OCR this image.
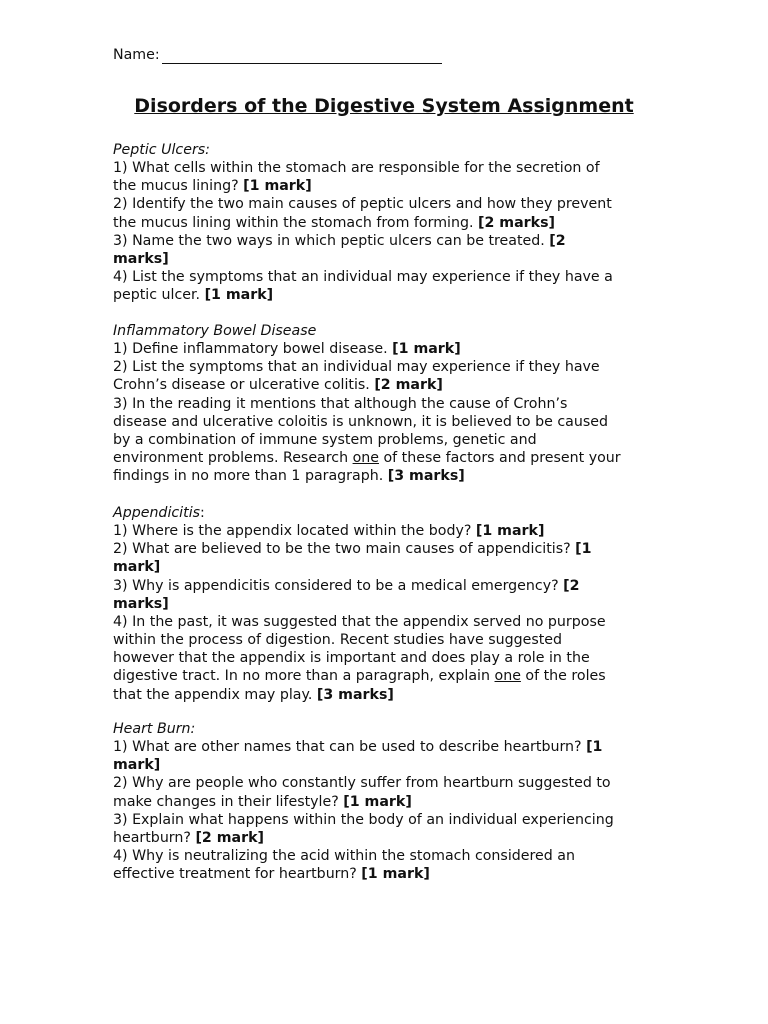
Name:
Disorders of the Digestive System Assignment
Peptic Ulcers:
1) What cells within the stomach are responsible for the secretion of
the mucus lining? [1 mark]
2) Identify the two main causes of peptic ulcers and how they prevent
the mucus lining within the stomach from forming. [2 marks]
3) Name the two ways in which peptic ulcers can be treated. [2
marks]
4) List the symptoms that an individual may experience if they have a
peptic ulcer. [1 mark]
Inflammatory Bowel Disease
1) Define inflammatory bowel disease. [1 mark]
2) List the symptoms that an individual may experience if they have
Crohn’s disease or ulcerative colitis. [2 mark]
3) In the reading it mentions that although the cause of Crohn’s
disease and ulcerative coloitis is unknown, it is believed to be caused
by a combination of immune system problems, genetic and
environment problems. Research one of these factors and present your
findings in no more than 1 paragraph. [3 marks]
Appendicitis:
1) Where is the appendix located within the body? [1 mark]
2) What are believed to be the two main causes of appendicitis? [1
mark]
3) Why is appendicitis considered to be a medical emergency? [2
marks]
4) In the past, it was suggested that the appendix served no purpose
within the process of digestion. Recent studies have suggested
however that the appendix is important and does play a role in the
digestive tract. In no more than a paragraph, explain one of the roles
that the appendix may play. [3 marks]
Heart Burn:
1) What are other names that can be used to describe heartburn? [1
mark]
2) Why are people who constantly suffer from heartburn suggested to
make changes in their lifestyle? [1 mark]
3) Explain what happens within the body of an individual experiencing
heartburn? [2 mark]
4) Why is neutralizing the acid within the stomach considered an
effective treatment for heartburn? [1 mark]
